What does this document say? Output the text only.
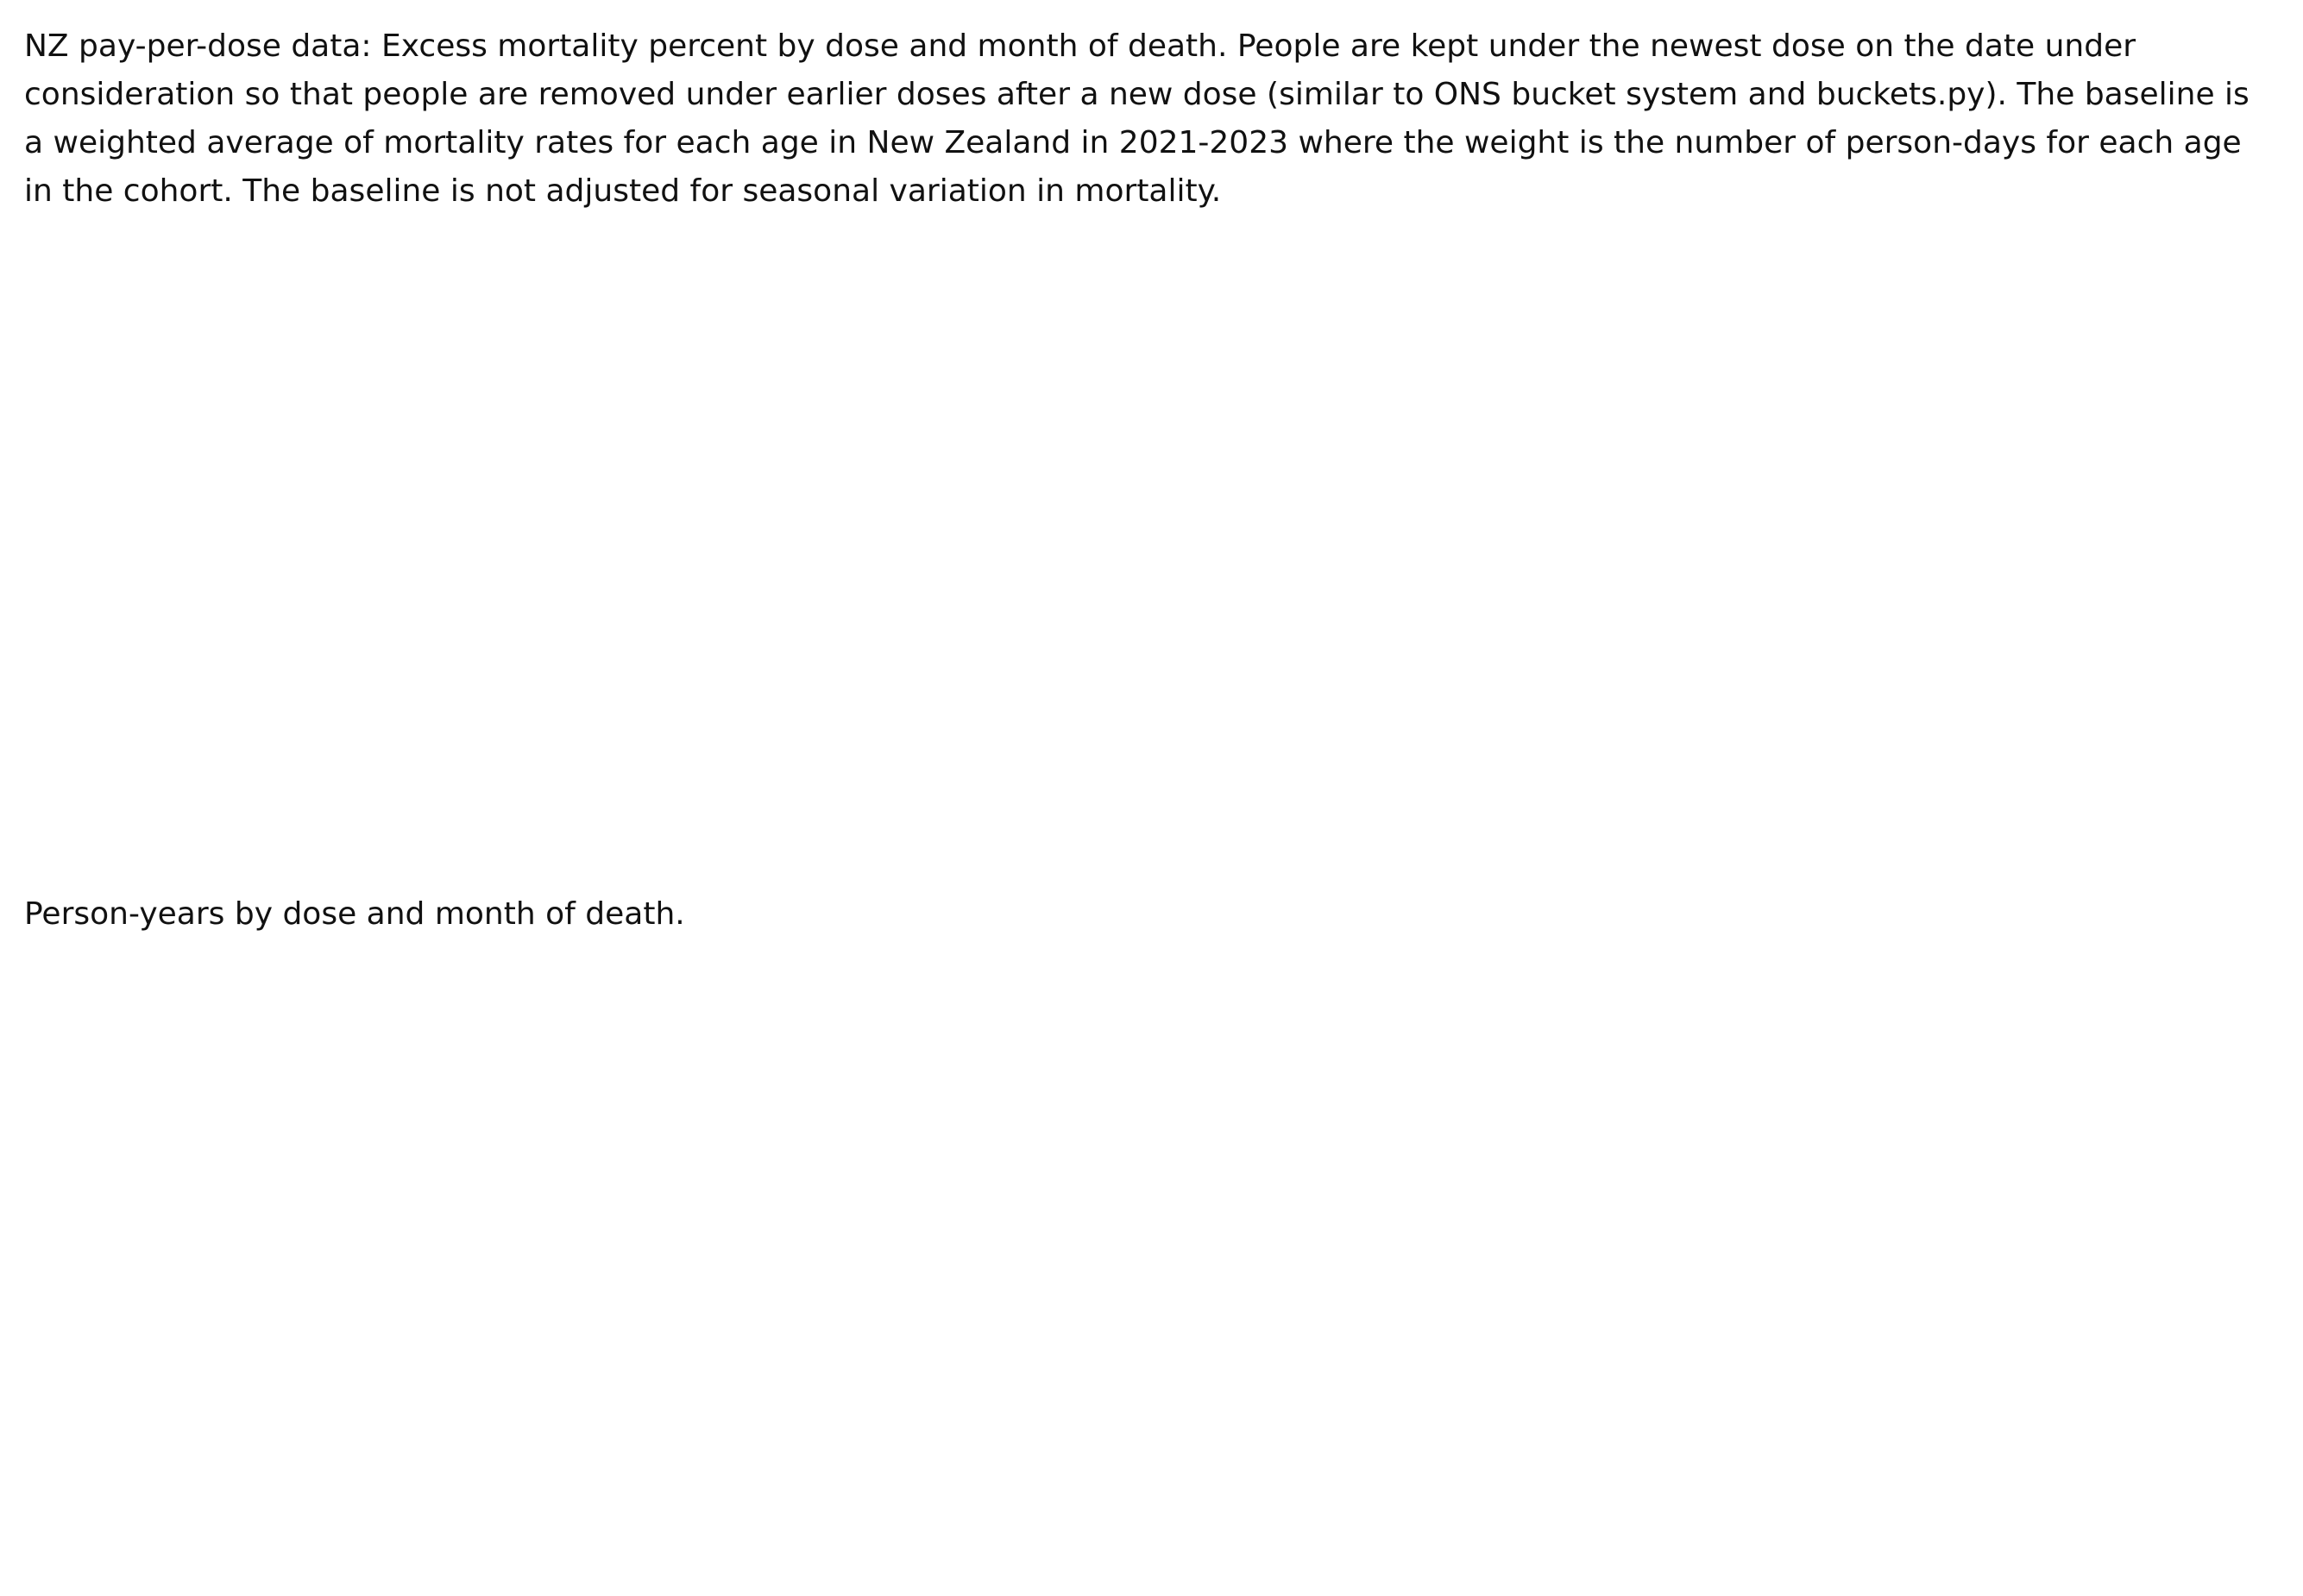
NZ pay-per-dose data: Excess mortality percent by dose and month of death. People are kept under the newest dose on the date under consideration so that people are removed under earlier doses after a new dose (similar to ONS bucket system and buckets.py). The baseline is a weighted average of mortality rates for each age in New Zealand in 2021-2023 where the weight is the number of person-days for each age in the cohort. The baseline is not adjusted for seasonal variation in mortality.
Person-years by dose and month of death.
